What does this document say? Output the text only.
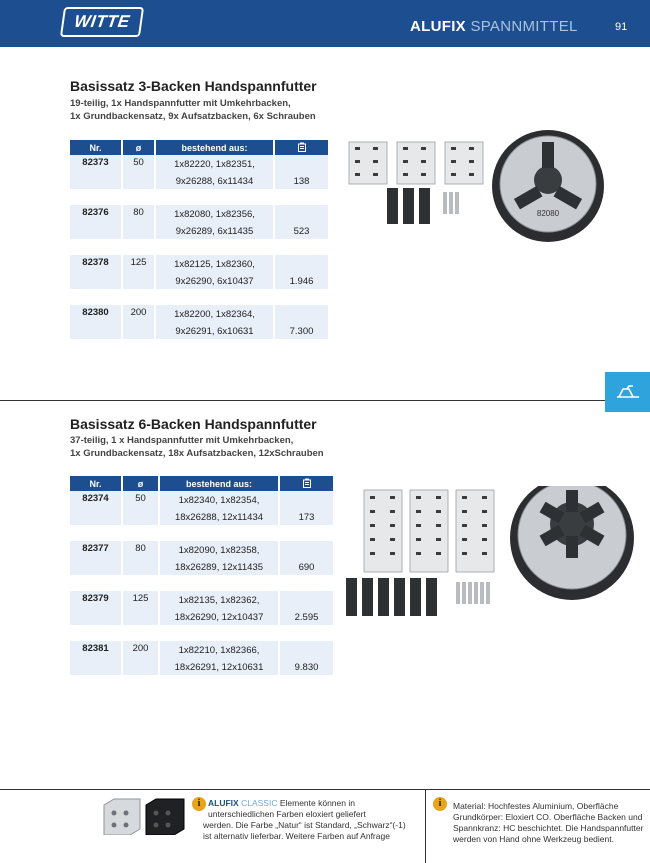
WITTE	ALUFIX SPANNMITTEL	91
Basissatz 3-Backen Handspannfutter
19-teilig, 1x Handspannfutter mit Umkehrbacken,
1x Grundbackensatz, 9x Aufsatzbacken, 6x Schrauben
Nr.	ø	bestehend aus:	
82373	50	1x82220, 1x82351,	138
		9x26288, 6x11434	

82376	80	1x82080, 1x82356,	523
		9x26289, 6x11435	

82378	125	1x82125, 1x82360,	1.946
		9x26290, 6x10437	

82380	200	1x82200, 1x82364,	7.300
		9x26291, 6x10631	
82080
Basissatz 6-Backen Handspannfutter
37-teilig, 1 x Handspannfutter mit Umkehrbacken,
1x Grundbackensatz, 18x Aufsatzbacken, 12xSchrauben
Nr.	ø	bestehend aus:	
82374	50	1x82340, 1x82354,	173
		18x26288, 12x11434	

82377	80	1x82090, 1x82358,	690
		18x26289, 12x11435	

82379	125	1x82135, 1x82362,	2.595
		18x26290, 12x10437	

82381	200	1x82210, 1x82366,	9.830
		18x26291, 12x10631	
i ALUFIX CLASSIC Elemente können in
unterschiedlichen Farben eloxiert geliefert
werden. Die Farbe „Natur“ ist Standard, „Schwarz“(-1)
ist alternativ lieferbar. Weitere Farben auf Anfrage
i	Material: Hochfestes Aluminium, Oberfläche
Grundkörper: Eloxiert CO. Oberfläche Backen und
Spannkranz: HC beschichtet. Die Handspannfutter
werden von Hand ohne Werkzeug bedient.
